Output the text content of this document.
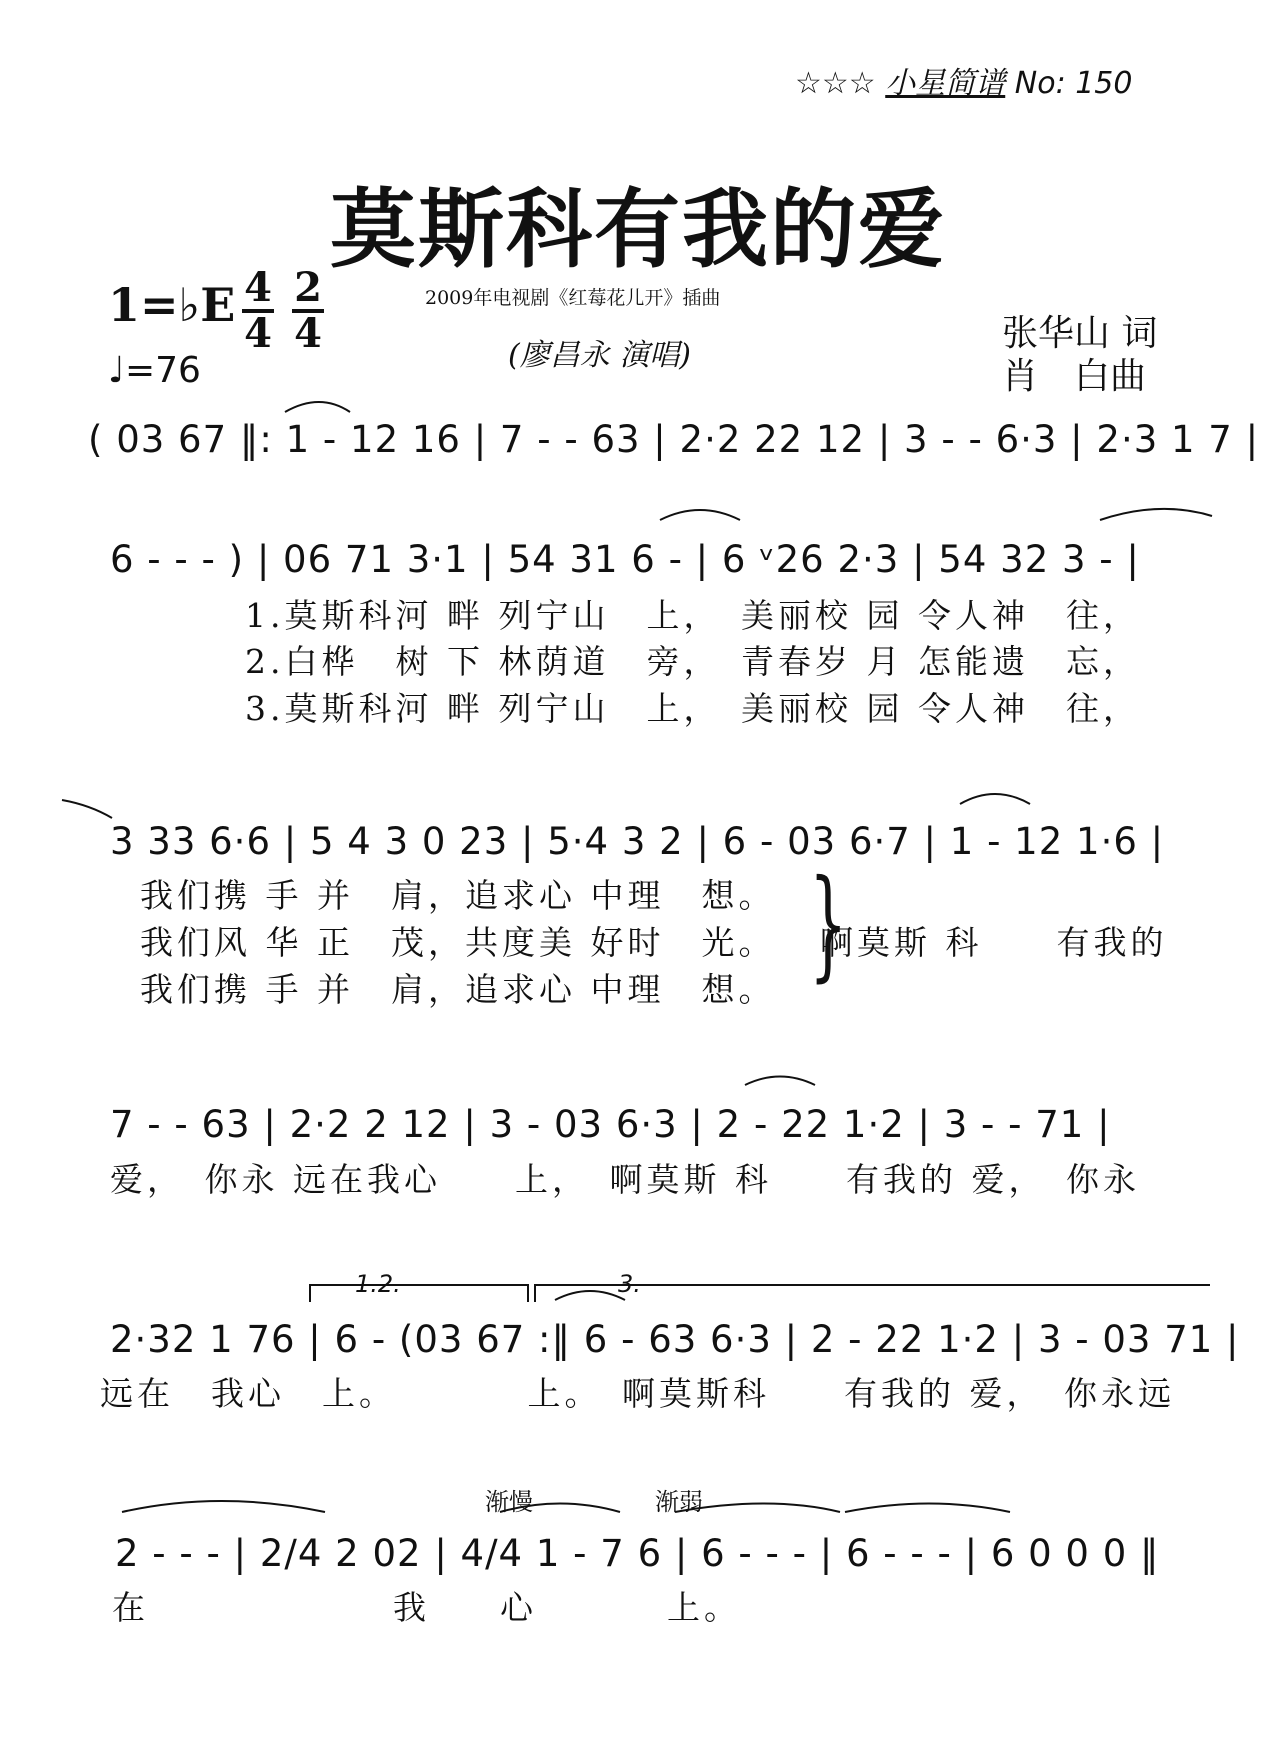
☆☆☆ 小星简谱 No: 150
莫斯科有我的爱
2009年电视剧《红莓花儿开》插曲
(廖昌永 演唱)
张华山 词
肖　白曲
1=♭E 4
4
2
4
♩=76
( 03 67 ‖: 1 - 12 16 | 7 - - 63 | 2·2 22 12 | 3 - - 6·3 | 2·3 1 7 |
6 - - - ) | 06 71 3·1 | 54 31 6 - | 6 ᵛ26 2·3 | 54 32 3 - |
1.莫斯科河 畔 列宁山　上，　美丽校 园 令人神　往，
2.白桦　树 下 林荫道　旁，　青春岁 月 怎能遗　忘，
3.莫斯科河 畔 列宁山　上，　美丽校 园 令人神　往，
3 33 6·6 | 5 4 3 0 23 | 5·4 3 2 | 6 - 03 6·7 | 1 - 12 1·6 |
我们携 手 并　肩，追求心 中理　想。
我们风 华 正　茂，共度美 好时　光。
我们携 手 并　肩，追求心 中理　想。 }
啊莫斯 科　　有我的
7 - - 63 | 2·2 2 12 | 3 - 03 6·3 | 2 - 22 1·2 | 3 - - 71 |
爱，　你永 远在我心　　上，　啊莫斯 科　　有我的 爱，　你永
1.2.	3.
2·32 1 76 | 6 - (03 67 :‖ 6 - 63 6·3 | 2 - 22 1·2 | 3 - 03 71 |
远在　我心　上。　　　　上。　啊莫斯科　　有我的 爱，　你永远
渐慢	渐弱
2 - - - | 2/4 2 02 | 4/4 1 - 7 6 | 6 - - - | 6 - - - | 6 0 0 0 ‖
在	我 心	上。
